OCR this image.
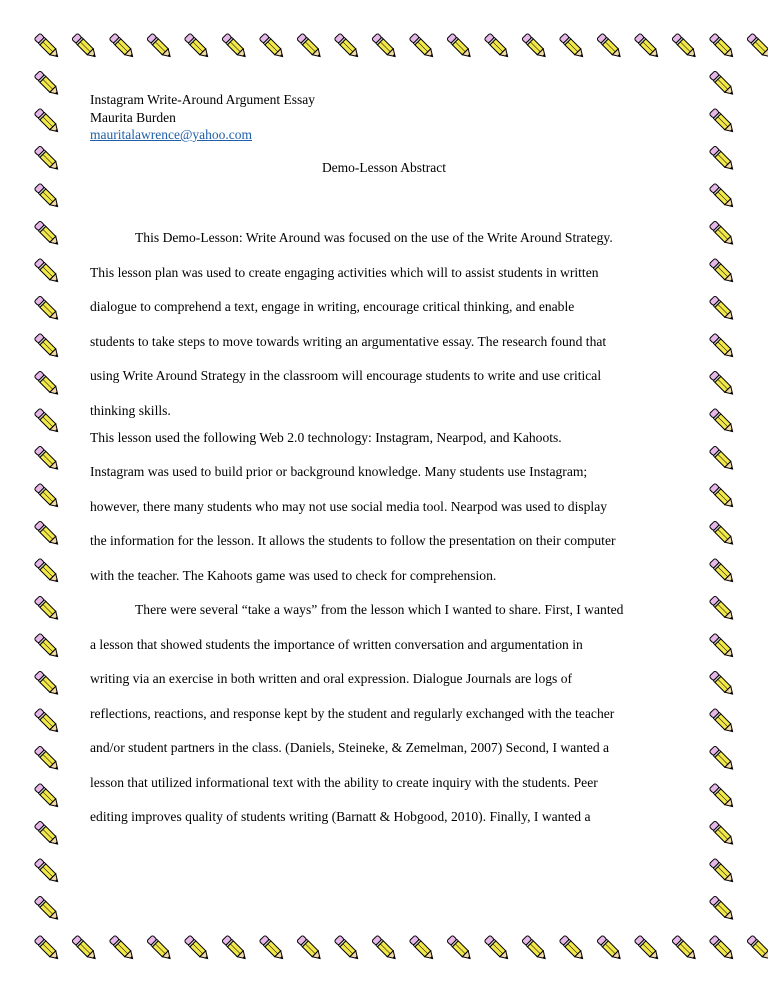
Instagram Write-Around Argument Essay
Maurita Burden
mauritalawrence@yahoo.com
Demo-Lesson Abstract
This Demo-Lesson: Write Around was focused on the use of the Write Around Strategy.
This lesson plan was used to create engaging activities which will to assist students in written
dialogue to comprehend a text, engage in writing, encourage critical thinking, and enable
students to take steps to move towards writing an argumentative essay. The research found that
using Write Around Strategy in the classroom will encourage students to write and use critical
thinking skills.
This lesson used the following Web 2.0 technology: Instagram, Nearpod, and Kahoots.
Instagram was used to build prior or background knowledge. Many students use Instagram;
however, there many students who may not use social media tool. Nearpod was used to display
the information for the lesson. It allows the students to follow the presentation on their computer
with the teacher. The Kahoots game was used to check for comprehension.
There were several “take a ways” from the lesson which I wanted to share. First, I wanted
a lesson that showed students the importance of written conversation and argumentation in
writing via an exercise in both written and oral expression. Dialogue Journals are logs of
reflections, reactions, and response kept by the student and regularly exchanged with the teacher
and/or student partners in the class. (Daniels, Steineke, & Zemelman, 2007) Second, I wanted a
lesson that utilized informational text with the ability to create inquiry with the students. Peer
editing improves quality of students writing (Barnatt & Hobgood, 2010). Finally, I wanted a
